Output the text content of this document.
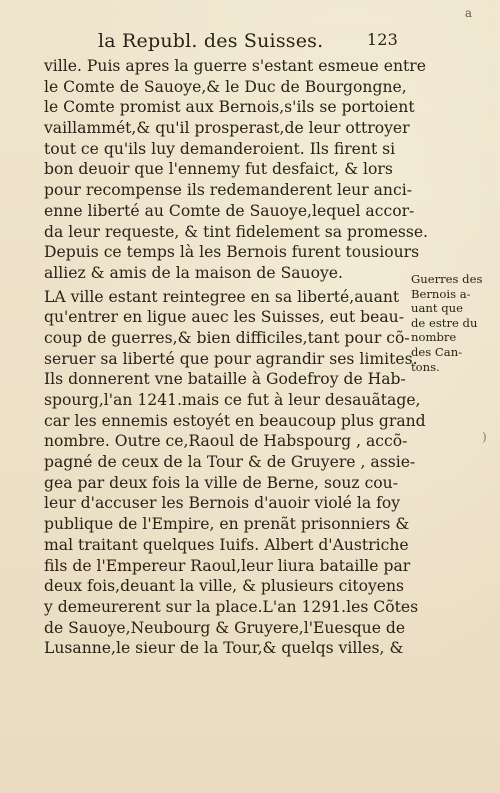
a
la Republ. des Suisses.	123
ville. Puis apres la guerre s'estant esmeue entre
le Comte de Sauoye,& le Duc de Bourgongne,
le Comte promist aux Bernois,s'ils se portoient
vaillammét,& qu'il prosperast,de leur ottroyer
tout ce qu'ils luy demanderoient. Ils firent si
bon deuoir que l'ennemy fut desfaict, & lors
pour recompense ils redemanderent leur anci-
enne liberté au Comte de Sauoye,lequel accor-
da leur requeste, & tint fidelement sa promesse.
Depuis ce temps là les Bernois furent tousiours
alliez & amis de la maison de Sauoye.
LA ville estant reintegree en sa liberté,auant
qu'entrer en ligue auec les Suisses, eut beau-
coup de guerres,& bien difficiles,tant pour cõ-
seruer sa liberté que pour agrandir ses limites.
Ils donnerent vne bataille à Godefroy de Hab-
spourg,l'an 1241.mais ce fut à leur desauãtage,
car les ennemis estoyét en beaucoup plus grand
nombre. Outre ce,Raoul de Habspourg , accõ-
pagné de ceux de la Tour & de Gruyere , assie-
gea par deux fois la ville de Berne, souz cou-
leur d'accuser les Bernois d'auoir violé la foy
publique de l'Empire, en prenãt prisonniers &
mal traitant quelques Iuifs. Albert d'Austriche
fils de l'Empereur Raoul,leur liura bataille par
deux fois,deuant la ville, & plusieurs citoyens
y demeurerent sur la place.L'an 1291.les Cõtes
de Sauoye,Neubourg & Gruyere,l'Euesque de
Lusanne,le sieur de la Tour,& quelqs villes, &
Guerres des
Bernois a-
uant que
de estre du
nombre
des Can-
tons.
)
